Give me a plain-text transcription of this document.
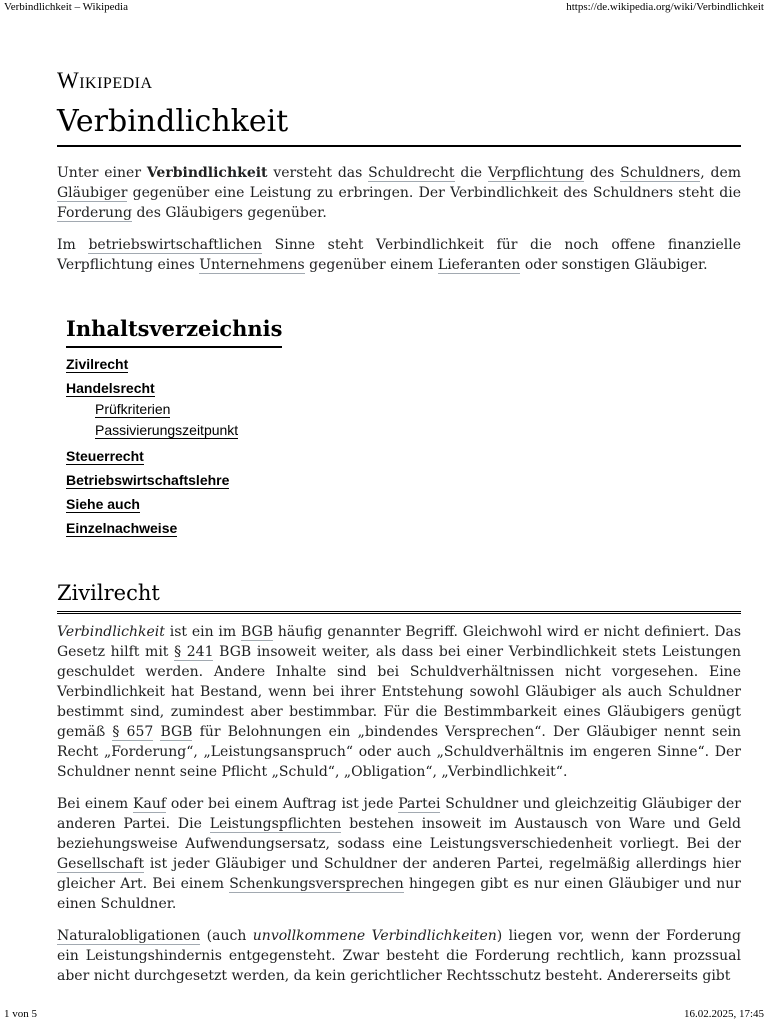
Verbindlichkeit – Wikipedia	https://de.wikipedia.org/wiki/Verbindlichkeit
Wikipedia
Verbindlichkeit

Unter einer Verbindlichkeit versteht das Schuldrecht die Verpflichtung des Schuldners, dem Gläubiger gegenüber eine Leistung zu erbringen. Der Verbindlichkeit des Schuldners steht die Forderung des Gläubigers gegenüber.

Im betriebswirtschaftlichen Sinne steht Verbindlichkeit für die noch offene finanzielle Verpflichtung eines Unternehmens gegenüber einem Lieferanten oder sonstigen Gläubiger.

Inhaltsverzeichnis
Zivilrecht
Handelsrecht
Prüfkriterien
Passivierungszeitpunkt
Steuerrecht
Betriebswirtschaftslehre
Siehe auch
Einzelnachweise
Zivilrecht

Verbindlichkeit ist ein im BGB häufig genannter Begriff. Gleichwohl wird er nicht definiert. Das Gesetz hilft mit § 241 BGB insoweit weiter, als dass bei einer Verbindlichkeit stets Leistungen geschuldet werden. Andere Inhalte sind bei Schuldverhältnissen nicht vorgesehen. Eine Verbindlichkeit hat Bestand, wenn bei ihrer Entstehung sowohl Gläubiger als auch Schuldner bestimmt sind, zumindest aber bestimmbar. Für die Bestimmbarkeit eines Gläubigers genügt gemäß § 657 BGB für Belohnungen ein „bindendes Versprechen“. Der Gläubiger nennt sein Recht „Forderung“, „Leistungsanspruch“ oder auch „Schuldverhältnis im engeren Sinne“. Der Schuldner nennt seine Pflicht „Schuld“, „Obligation“, „Verbindlichkeit“.

Bei einem Kauf oder bei einem Auftrag ist jede Partei Schuldner und gleichzeitig Gläubiger der anderen Partei. Die Leistungspflichten bestehen insoweit im Austausch von Ware und Geld beziehungsweise Aufwendungsersatz, sodass eine Leistungsverschiedenheit vorliegt. Bei der Gesellschaft ist jeder Gläubiger und Schuldner der anderen Partei, regelmäßig allerdings hier gleicher Art. Bei einem Schenkungsversprechen hingegen gibt es nur einen Gläubiger und nur einen Schuldner.

Naturalobligationen (auch unvollkommene Verbindlichkeiten) liegen vor, wenn der Forderung ein Leistungshindernis entgegensteht. Zwar besteht die Forderung rechtlich, kann prozssual aber nicht durchgesetzt werden, da kein gerichtlicher Rechtsschutz besteht. Andererseits gibt

1 von 5	16.02.2025, 17:45
